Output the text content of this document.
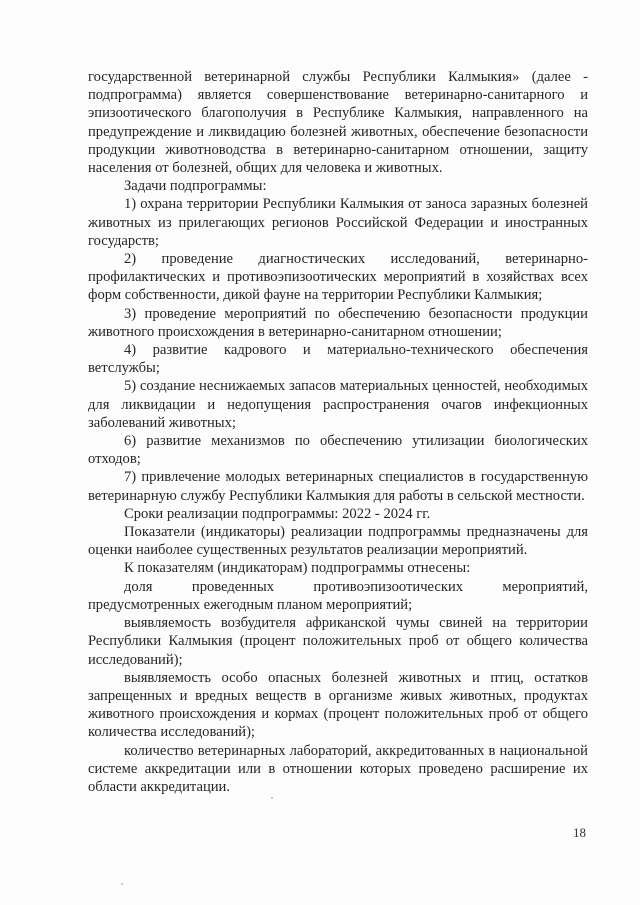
государственной ветеринарной службы Республики Калмыкия» (далее - подпрограмма) является совершенствование ветеринарно-санитарного и эпизоотического благополучия в Республике Калмыкия, направленного на предупреждение и ликвидацию болезней животных, обеспечение безопасности продукции животноводства в ветеринарно-санитарном отношении, защиту населения от болезней, общих для человека и животных.

Задачи подпрограммы:

1) охрана территории Республики Калмыкия от заноса заразных болезней животных из прилегающих регионов Российской Федерации и иностранных государств;

2) проведение диагностических исследований, ветеринарно-профилактических и противоэпизоотических мероприятий в хозяйствах всех форм собственности, дикой фауне на территории Республики Калмыкия;

3) проведение мероприятий по обеспечению безопасности продукции животного происхождения в ветеринарно-санитарном отношении;

4) развитие кадрового и материально-технического обеспечения ветслужбы;

5) создание неснижаемых запасов материальных ценностей, необходимых для ликвидации и недопущения распространения очагов инфекционных заболеваний животных;

6) развитие механизмов по обеспечению утилизации биологических отходов;

7) привлечение молодых ветеринарных специалистов в государственную ветеринарную службу Республики Калмыкия для работы в сельской местности.

Сроки реализации подпрограммы: 2022 - 2024 гг.

Показатели (индикаторы) реализации подпрограммы предназначены для оценки наиболее существенных результатов реализации мероприятий.

К показателям (индикаторам) подпрограммы отнесены:

доля проведенных противоэпизоотических мероприятий, предусмотренных ежегодным планом мероприятий;

выявляемость возбудителя африканской чумы свиней на территории Республики Калмыкия (процент положительных проб от общего количества исследований);

выявляемость особо опасных болезней животных и птиц, остатков запрещенных и вредных веществ в организме живых животных, продуктах животного происхождения и кормах (процент положительных проб от общего количества исследований);

количество ветеринарных лабораторий, аккредитованных в национальной системе аккредитации или в отношении которых проведено расширение их области аккредитации.

18
